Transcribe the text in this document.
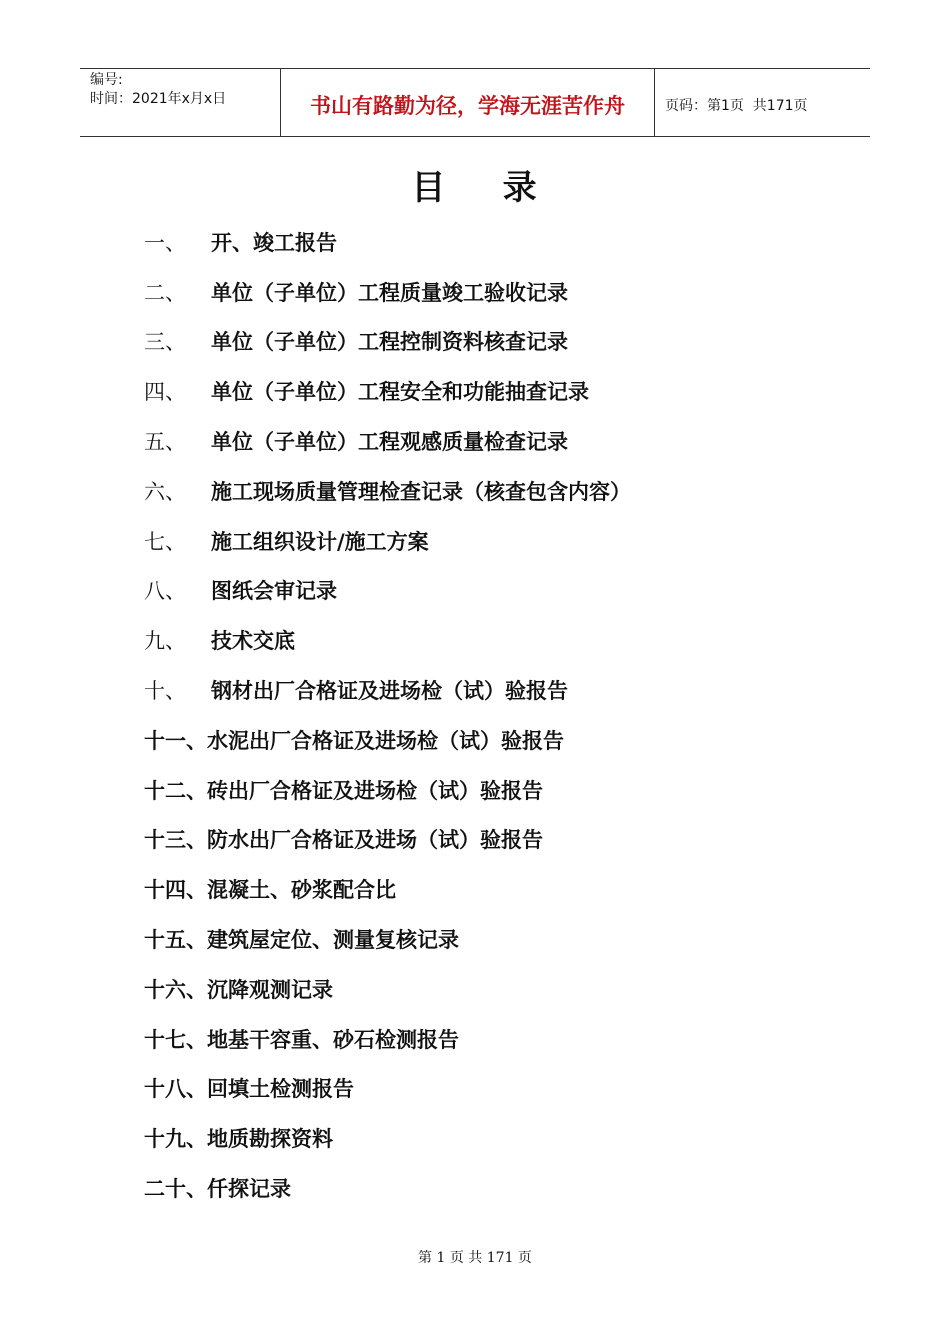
编号:
时间：2021年x月x日	书山有路勤为径，学海无涯苦作舟	页码：第1页  共171页
目    录
一、	开、竣工报告
二、	单位（子单位）工程质量竣工验收记录
三、	单位（子单位）工程控制资料核查记录
四、	单位（子单位）工程安全和功能抽查记录
五、	单位（子单位）工程观感质量检查记录
六、	施工现场质量管理检查记录（核查包含内容）
七、	施工组织设计/施工方案
八、	图纸会审记录
九、	技术交底
十、	钢材出厂合格证及进场检（试）验报告
十一、 水泥出厂合格证及进场检（试）验报告
十二、 砖出厂合格证及进场检（试）验报告
十三、 防水出厂合格证及进场（试）验报告
十四、 混凝土、砂浆配合比
十五、 建筑屋定位、测量复核记录
十六、 沉降观测记录
十七、 地基干容重、砂石检测报告
十八、 回填土检测报告
十九、 地质勘探资料
二十、 仟探记录
第 1 页 共 171 页
